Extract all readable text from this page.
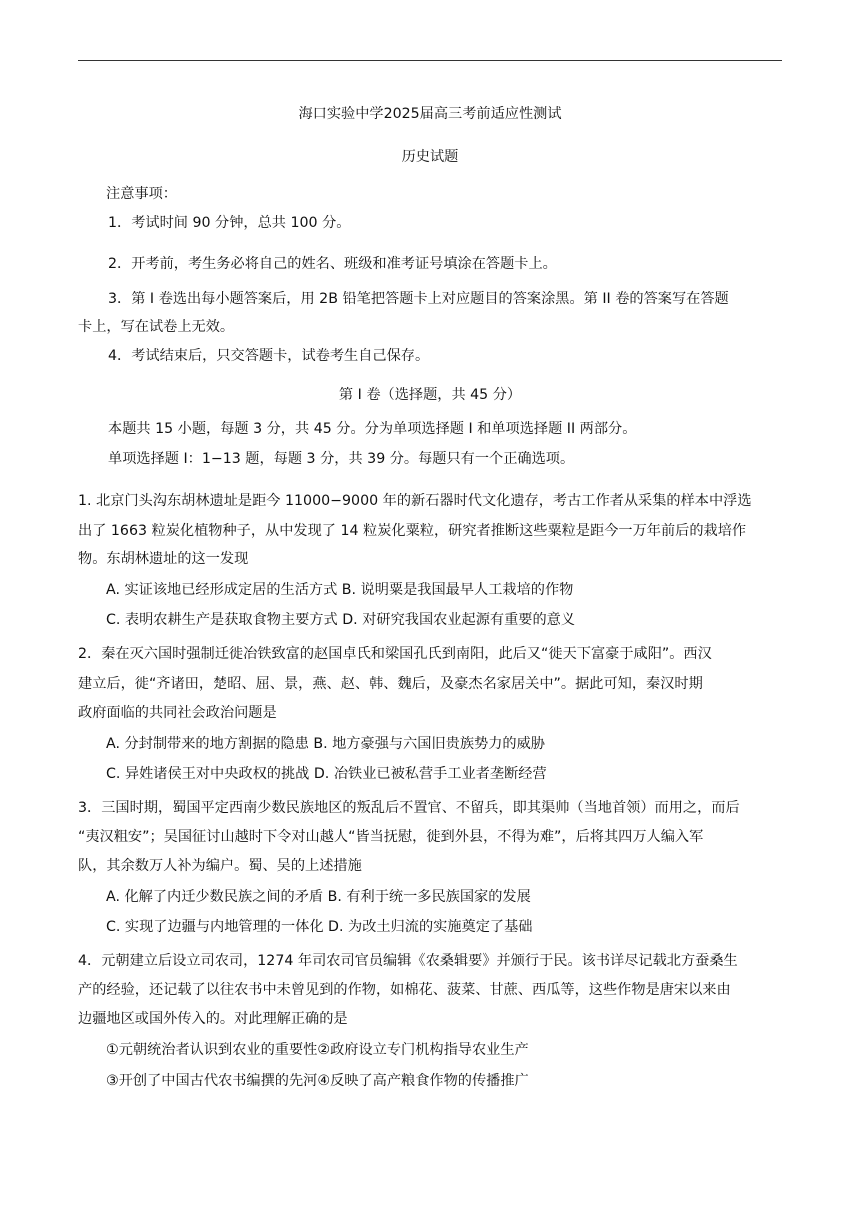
海口实验中学2025届高三考前适应性测试
历史试题
注意事项：
1．考试时间 90 分钟，总共 100 分。
2．开考前，考生务必将自己的姓名、班级和准考证号填涂在答题卡上。
3．第 I 卷选出每小题答案后，用 2B 铅笔把答题卡上对应题目的答案涂黑。第 II 卷的答案写在答题
卡上，写在试卷上无效。
4．考试结束后，只交答题卡，试卷考生自己保存。
第 I 卷（选择题，共 45 分）
本题共 15 小题，每题 3 分，共 45 分。分为单项选择题 I 和单项选择题 II 两部分。
单项选择题 I：1−13 题，每题 3 分，共 39 分。每题只有一个正确选项。
1. 北京门头沟东胡林遗址是距今 11000−9000 年的新石器时代文化遗存，考古工作者从采集的样本中浮选
出了 1663 粒炭化植物种子，从中发现了 14 粒炭化粟粒，研究者推断这些粟粒是距今一万年前后的栽培作
物。东胡林遗址的这一发现
A. 实证该地已经形成定居的生活方式 B. 说明粟是我国最早人工栽培的作物
C. 表明农耕生产是获取食物主要方式 D. 对研究我国农业起源有重要的意义
2．秦在灭六国时强制迁徙冶铁致富的赵国卓氏和梁国孔氏到南阳，此后又“徙天下富豪于咸阳”。西汉
建立后，徙“齐诸田，楚昭、屈、景，燕、赵、韩、魏后，及豪杰名家居关中”。据此可知，秦汉时期
政府面临的共同社会政治问题是
A. 分封制带来的地方割据的隐患 B. 地方豪强与六国旧贵族势力的威胁
C. 异姓诸侯王对中央政权的挑战 D. 冶铁业已被私营手工业者垄断经营
3．三国时期，蜀国平定西南少数民族地区的叛乱后不置官、不留兵，即其渠帅（当地首领）而用之，而后
“夷汉粗安”；吴国征讨山越时下令对山越人“皆当抚慰，徙到外县，不得为难”，后将其四万人编入军
队，其余数万人补为编户。蜀、吴的上述措施
A. 化解了内迁少数民族之间的矛盾 B. 有利于统一多民族国家的发展
C. 实现了边疆与内地管理的一体化 D. 为改土归流的实施奠定了基础
4．元朝建立后设立司农司，1274 年司农司官员编辑《农桑辑要》并颁行于民。该书详尽记载北方蚕桑生
产的经验，还记载了以往农书中未曾见到的作物，如棉花、菠菜、甘蔗、西瓜等，这些作物是唐宋以来由
边疆地区或国外传入的。对此理解正确的是
①元朝统治者认识到农业的重要性②政府设立专门机构指导农业生产
③开创了中国古代农书编撰的先河④反映了高产粮食作物的传播推广
